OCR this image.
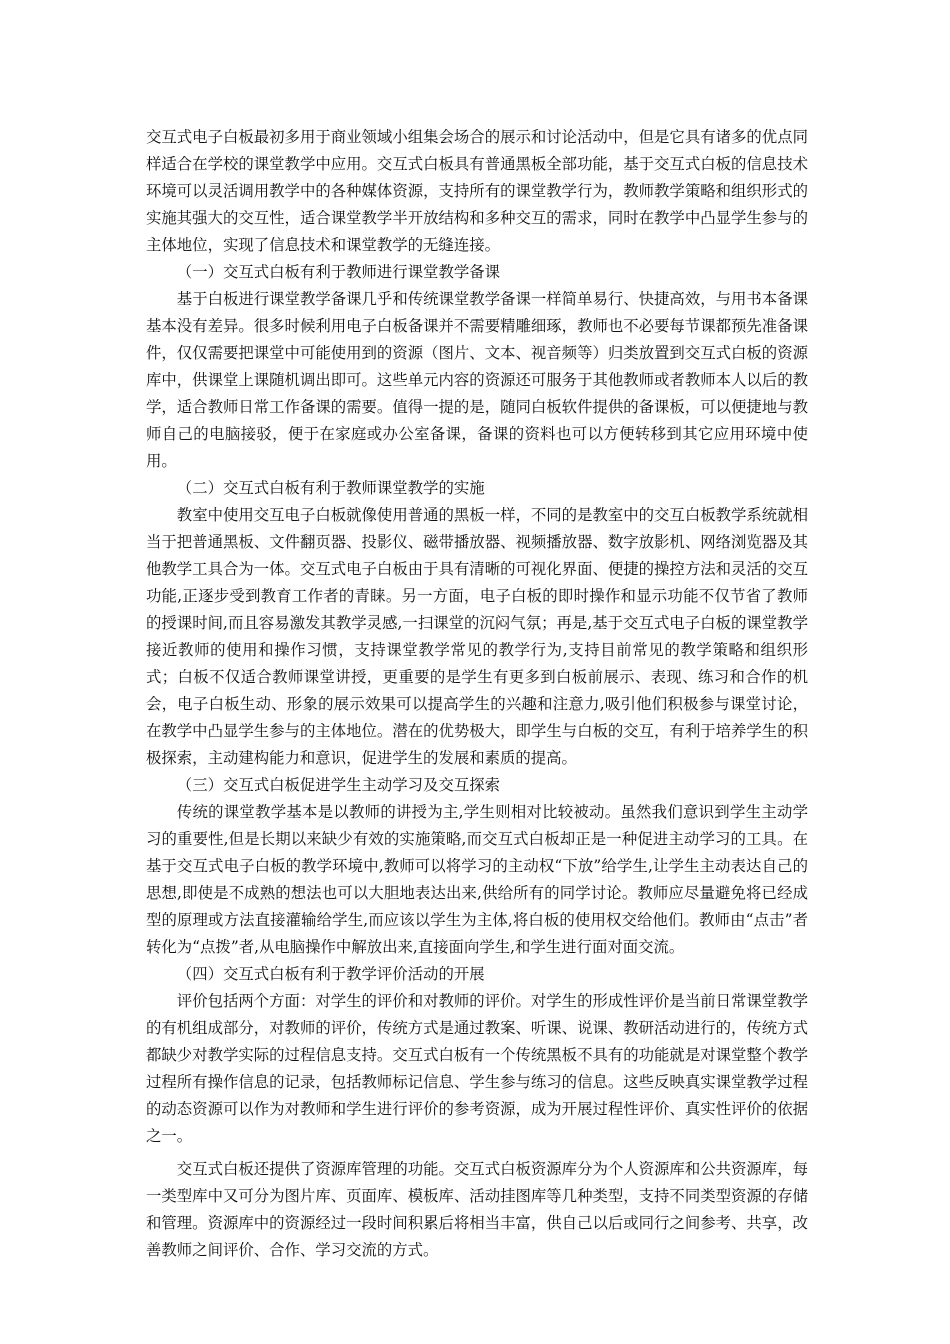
交互式电子白板最初多用于商业领域小组集会场合的展示和讨论活动中，但是它具有诸多的优点同样适合在学校的课堂教学中应用。交互式白板具有普通黑板全部功能，基于交互式白板的信息技术环境可以灵活调用教学中的各种媒体资源，支持所有的课堂教学行为，教师教学策略和组织形式的实施其强大的交互性，适合课堂教学半开放结构和多种交互的需求，同时在教学中凸显学生参与的主体地位，实现了信息技术和课堂教学的无缝连接。

（一）交互式白板有利于教师进行课堂教学备课

基于白板进行课堂教学备课几乎和传统课堂教学备课一样简单易行、快捷高效，与用书本备课基本没有差异。很多时候利用电子白板备课并不需要精雕细琢，教师也不必要每节课都预先准备课件，仅仅需要把课堂中可能使用到的资源（图片、文本、视音频等）归类放置到交互式白板的资源库中，供课堂上课随机调出即可。这些单元内容的资源还可服务于其他教师或者教师本人以后的教学，适合教师日常工作备课的需要。值得一提的是，随同白板软件提供的备课板，可以便捷地与教师自己的电脑接驳，便于在家庭或办公室备课，备课的资料也可以方便转移到其它应用环境中使用。

（二）交互式白板有利于教师课堂教学的实施

教室中使用交互电子白板就像使用普通的黑板一样，不同的是教室中的交互白板教学系统就相当于把普通黑板、文件翻页器、投影仪、磁带播放器、视频播放器、数字放影机、网络浏览器及其他教学工具合为一体。交互式电子白板由于具有清晰的可视化界面、便捷的操控方法和灵活的交互功能,正逐步受到教育工作者的青睐。另一方面，电子白板的即时操作和显示功能不仅节省了教师的授课时间,而且容易激发其教学灵感,一扫课堂的沉闷气氛；再是,基于交互式电子白板的课堂教学接近教师的使用和操作习惯，支持课堂教学常见的教学行为,支持目前常见的教学策略和组织形式；白板不仅适合教师课堂讲授，更重要的是学生有更多到白板前展示、表现、练习和合作的机会，电子白板生动、形象的展示效果可以提高学生的兴趣和注意力,吸引他们积极参与课堂讨论，在教学中凸显学生参与的主体地位。潜在的优势极大，即学生与白板的交互，有利于培养学生的积极探索，主动建构能力和意识，促进学生的发展和素质的提高。

（三）交互式白板促进学生主动学习及交互探索

传统的课堂教学基本是以教师的讲授为主,学生则相对比较被动。虽然我们意识到学生主动学习的重要性,但是长期以来缺少有效的实施策略,而交互式白板却正是一种促进主动学习的工具。在基于交互式电子白板的教学环境中,教师可以将学习的主动权“下放”给学生,让学生主动表达自己的思想,即使是不成熟的想法也可以大胆地表达出来,供给所有的同学讨论。教师应尽量避免将已经成型的原理或方法直接灌输给学生,而应该以学生为主体,将白板的使用权交给他们。教师由“点击”者转化为“点拨”者,从电脑操作中解放出来,直接面向学生,和学生进行面对面交流。

（四）交互式白板有利于教学评价活动的开展

评价包括两个方面：对学生的评价和对教师的评价。对学生的形成性评价是当前日常课堂教学的有机组成部分，对教师的评价，传统方式是通过教案、听课、说课、教研活动进行的，传统方式都缺少对教学实际的过程信息支持。交互式白板有一个传统黑板不具有的功能就是对课堂整个教学过程所有操作信息的记录，包括教师标记信息、学生参与练习的信息。这些反映真实课堂教学过程的动态资源可以作为对教师和学生进行评价的参考资源，成为开展过程性评价、真实性评价的依据之一。

交互式白板还提供了资源库管理的功能。交互式白板资源库分为个人资源库和公共资源库，每一类型库中又可分为图片库、页面库、模板库、活动挂图库等几种类型，支持不同类型资源的存储和管理。资源库中的资源经过一段时间积累后将相当丰富，供自己以后或同行之间参考、共享，改善教师之间评价、合作、学习交流的方式。
